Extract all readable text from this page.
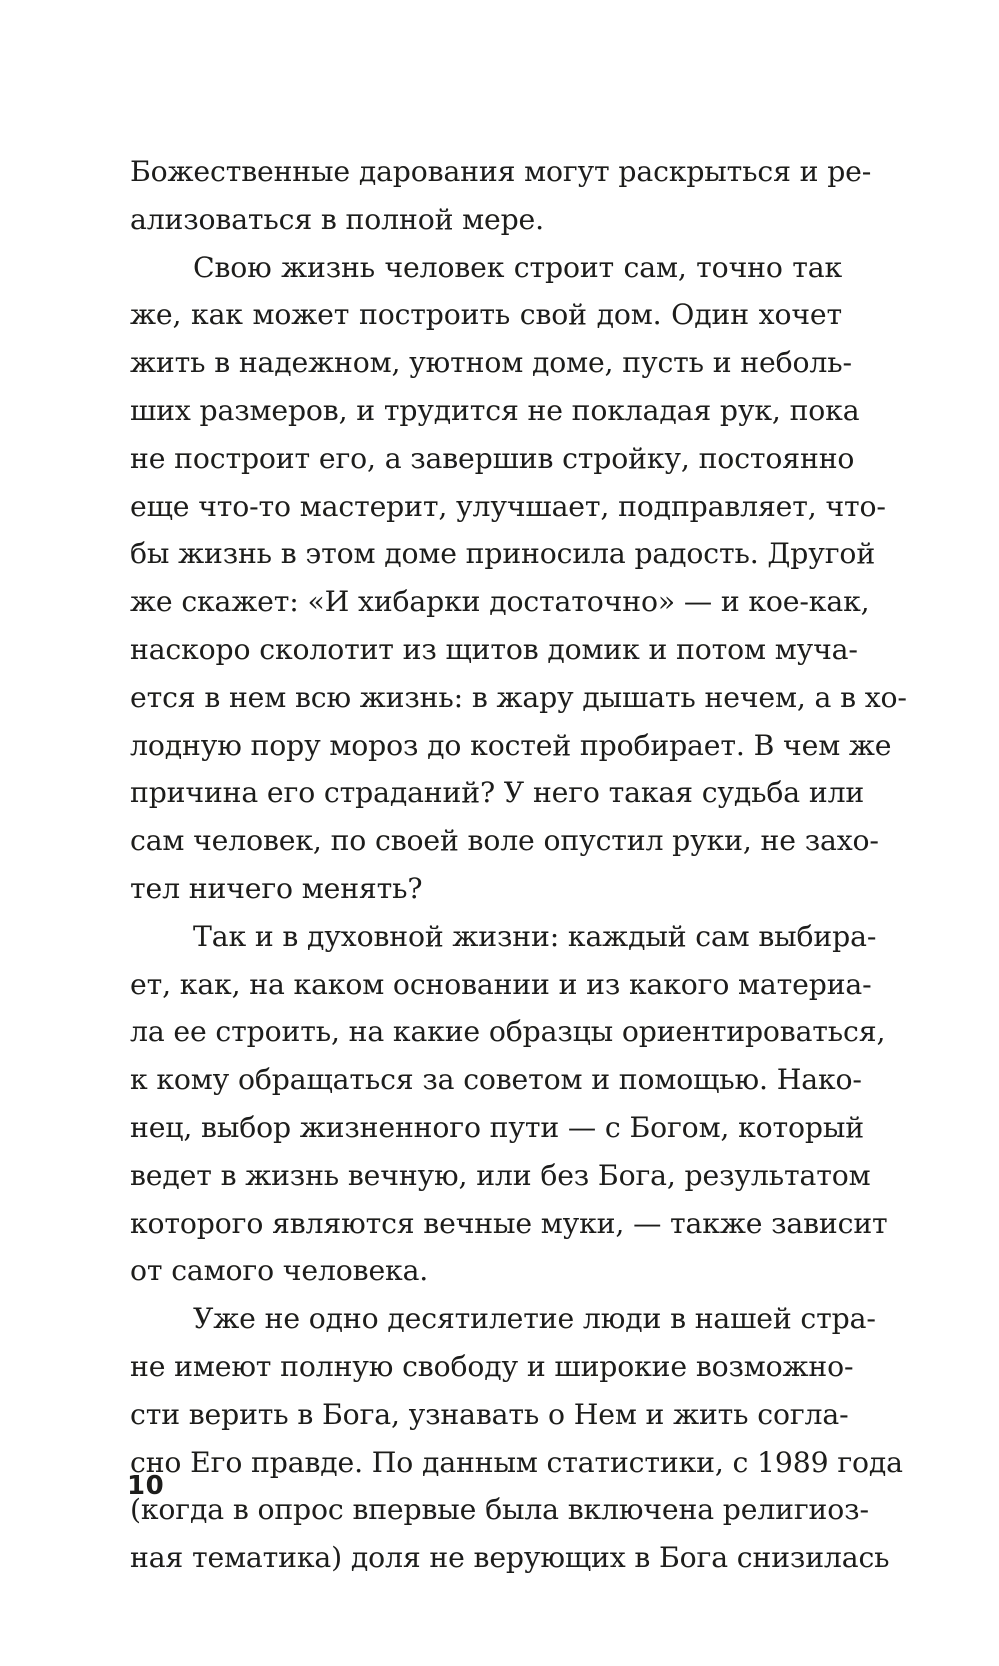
Божественные дарования могут раскрыться и ре-
ализоваться в полной мере.
Свою жизнь человек строит сам, точно так
же, как может построить свой дом. Один хочет
жить в надежном, уютном доме, пусть и неболь-
ших размеров, и трудится не покладая рук, пока
не построит его, а завершив стройку, постоянно
еще что-то мастерит, улучшает, подправляет, что-
бы жизнь в этом доме приносила радость. Другой
же скажет: «И хибарки достаточно» — и кое-как,
наскоро сколотит из щитов домик и потом муча-
ется в нем всю жизнь: в жару дышать нечем, а в хо-
лодную пору мороз до костей пробирает. В чем же
причина его страданий? У него такая судьба или
сам человек, по своей воле опустил руки, не захо-
тел ничего менять?
Так и в духовной жизни: каждый сам выбира-
ет, как, на каком основании и из какого материа-
ла ее строить, на какие образцы ориентироваться,
к кому обращаться за советом и помощью. Нако-
нец, выбор жизненного пути — с Богом, который
ведет в жизнь вечную, или без Бога, результатом
которого являются вечные муки, — также зависит
от самого человека.
Уже не одно десятилетие люди в нашей стра-
не имеют полную свободу и широкие возможно-
сти верить в Бога, узнавать о Нем и жить согла-
сно Его правде. По данным статистики, с 1989 года
(когда в опрос впервые была включена религиоз-
ная тематика) доля не верующих в Бога снизилась
10
